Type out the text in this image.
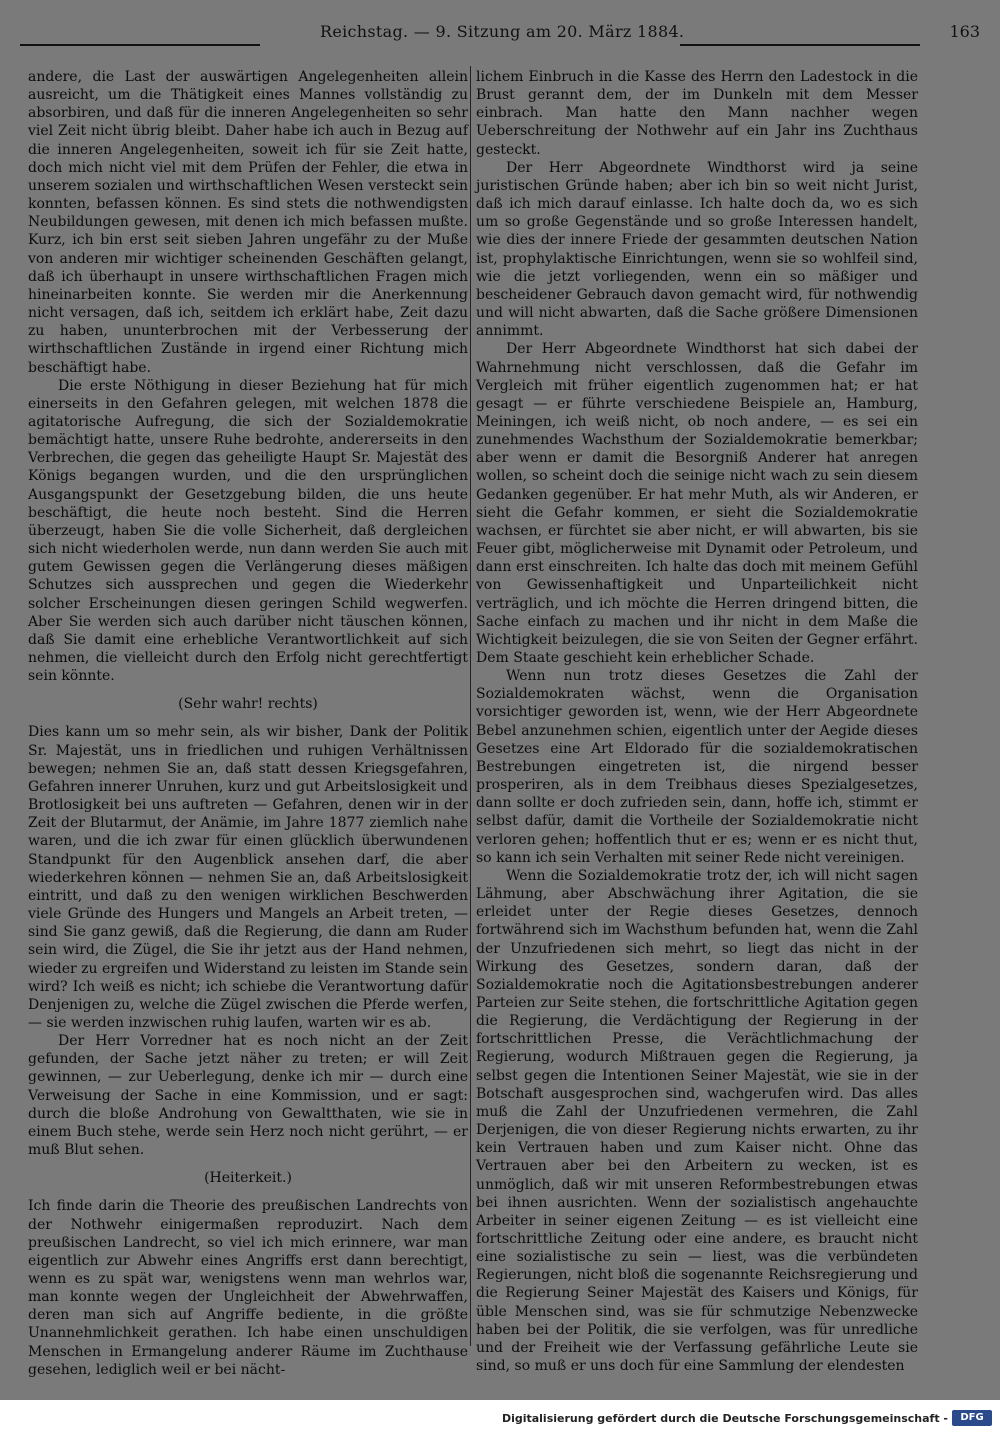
Reichstag. — 9. Sitzung am 20. März 1884.	163

andere, die Last der auswärtigen Angelegenheiten allein ausreicht, um die Thätigkeit eines Mannes vollständig zu absorbiren, und daß für die inneren Angelegenheiten so sehr viel Zeit nicht übrig bleibt. Daher habe ich auch in Bezug auf die inneren Angelegenheiten, soweit ich für sie Zeit hatte, doch mich nicht viel mit dem Prüfen der Fehler, die etwa in unserem sozialen und wirthschaftlichen Wesen versteckt sein konnten, befassen können. Es sind stets die nothwendigsten Neubildungen gewesen, mit denen ich mich befassen mußte. Kurz, ich bin erst seit sieben Jahren ungefähr zu der Muße von anderen mir wichtiger scheinenden Geschäften gelangt, daß ich überhaupt in unsere wirthschaftlichen Fragen mich hineinarbeiten konnte. Sie werden mir die Anerkennung nicht versagen, daß ich, seitdem ich erklärt habe, Zeit dazu zu haben, ununterbrochen mit der Verbesserung der wirthschaftlichen Zustände in irgend einer Richtung mich beschäftigt habe.

Die erste Nöthigung in dieser Beziehung hat für mich einerseits in den Gefahren gelegen, mit welchen 1878 die agitatorische Aufregung, die sich der Sozialdemokratie bemächtigt hatte, unsere Ruhe bedrohte, andererseits in den Verbrechen, die gegen das geheiligte Haupt Sr. Majestät des Königs begangen wurden, und die den ursprünglichen Ausgangspunkt der Gesetzgebung bilden, die uns heute beschäftigt, die heute noch besteht. Sind die Herren überzeugt, haben Sie die volle Sicherheit, daß dergleichen sich nicht wiederholen werde, nun dann werden Sie auch mit gutem Gewissen gegen die Verlängerung dieses mäßigen Schutzes sich aussprechen und gegen die Wiederkehr solcher Erscheinungen diesen geringen Schild wegwerfen. Aber Sie werden sich auch darüber nicht täuschen können, daß Sie damit eine erhebliche Verantwortlichkeit auf sich nehmen, die vielleicht durch den Erfolg nicht gerechtfertigt sein könnte.

(Sehr wahr! rechts)

Dies kann um so mehr sein, als wir bisher, Dank der Politik Sr. Majestät, uns in friedlichen und ruhigen Verhältnissen bewegen; nehmen Sie an, daß statt dessen Kriegsgefahren, Gefahren innerer Unruhen, kurz und gut Arbeitslosigkeit und Brotlosigkeit bei uns auftreten — Gefahren, denen wir in der Zeit der Blutarmut, der Anämie, im Jahre 1877 ziemlich nahe waren, und die ich zwar für einen glücklich überwundenen Standpunkt für den Augenblick ansehen darf, die aber wiederkehren können — nehmen Sie an, daß Arbeitslosigkeit eintritt, und daß zu den wenigen wirklichen Beschwerden viele Gründe des Hungers und Mangels an Arbeit treten, — sind Sie ganz gewiß, daß die Regierung, die dann am Ruder sein wird, die Zügel, die Sie ihr jetzt aus der Hand nehmen, wieder zu ergreifen und Widerstand zu leisten im Stande sein wird? Ich weiß es nicht; ich schiebe die Verantwortung dafür Denjenigen zu, welche die Zügel zwischen die Pferde werfen, — sie werden inzwischen ruhig laufen, warten wir es ab.

Der Herr Vorredner hat es noch nicht an der Zeit gefunden, der Sache jetzt näher zu treten; er will Zeit gewinnen, — zur Ueberlegung, denke ich mir — durch eine Verweisung der Sache in eine Kommission, und er sagt: durch die bloße Androhung von Gewaltthaten, wie sie in einem Buch stehe, werde sein Herz noch nicht gerührt, — er muß Blut sehen.

(Heiterkeit.)

Ich finde darin die Theorie des preußischen Landrechts von der Nothwehr einigermaßen reproduzirt. Nach dem preußischen Landrecht, so viel ich mich erinnere, war man eigentlich zur Abwehr eines Angriffs erst dann berechtigt, wenn es zu spät war, wenigstens wenn man wehrlos war, man konnte wegen der Ungleichheit der Abwehrwaffen, deren man sich auf Angriffe bediente, in die größte Unannehmlichkeit gerathen. Ich habe einen unschuldigen Menschen in Ermangelung anderer Räume im Zuchthause gesehen, lediglich weil er bei nächt-

lichem Einbruch in die Kasse des Herrn den Ladestock in die Brust gerannt dem, der im Dunkeln mit dem Messer einbrach. Man hatte den Mann nachher wegen Ueberschreitung der Nothwehr auf ein Jahr ins Zuchthaus gesteckt.

Der Herr Abgeordnete Windthorst wird ja seine juristischen Gründe haben; aber ich bin so weit nicht Jurist, daß ich mich darauf einlasse. Ich halte doch da, wo es sich um so große Gegenstände und so große Interessen handelt, wie dies der innere Friede der gesammten deutschen Nation ist, prophylaktische Einrichtungen, wenn sie so wohlfeil sind, wie die jetzt vorliegenden, wenn ein so mäßiger und bescheidener Gebrauch davon gemacht wird, für nothwendig und will nicht abwarten, daß die Sache größere Dimensionen annimmt.

Der Herr Abgeordnete Windthorst hat sich dabei der Wahrnehmung nicht verschlossen, daß die Gefahr im Vergleich mit früher eigentlich zugenommen hat; er hat gesagt — er führte verschiedene Beispiele an, Hamburg, Meiningen, ich weiß nicht, ob noch andere, — es sei ein zunehmendes Wachsthum der Sozialdemokratie bemerkbar; aber wenn er damit die Besorgniß Anderer hat anregen wollen, so scheint doch die seinige nicht wach zu sein diesem Gedanken gegenüber. Er hat mehr Muth, als wir Anderen, er sieht die Gefahr kommen, er sieht die Sozialdemokratie wachsen, er fürchtet sie aber nicht, er will abwarten, bis sie Feuer gibt, möglicherweise mit Dynamit oder Petroleum, und dann erst einschreiten. Ich halte das doch mit meinem Gefühl von Gewissenhaftigkeit und Unparteilichkeit nicht verträglich, und ich möchte die Herren dringend bitten, die Sache einfach zu machen und ihr nicht in dem Maße die Wichtigkeit beizulegen, die sie von Seiten der Gegner erfährt. Dem Staate geschieht kein erheblicher Schade.

Wenn nun trotz dieses Gesetzes die Zahl der Sozialdemokraten wächst, wenn die Organisation vorsichtiger geworden ist, wenn, wie der Herr Abgeordnete Bebel anzunehmen schien, eigentlich unter der Aegide dieses Gesetzes eine Art Eldorado für die sozialdemokratischen Bestrebungen eingetreten ist, die nirgend besser prosperiren, als in dem Treibhaus dieses Spezialgesetzes, dann sollte er doch zufrieden sein, dann, hoffe ich, stimmt er selbst dafür, damit die Vortheile der Sozialdemokratie nicht verloren gehen; hoffentlich thut er es; wenn er es nicht thut, so kann ich sein Verhalten mit seiner Rede nicht vereinigen.

Wenn die Sozialdemokratie trotz der, ich will nicht sagen Lähmung, aber Abschwächung ihrer Agitation, die sie erleidet unter der Regie dieses Gesetzes, dennoch fortwährend sich im Wachsthum befunden hat, wenn die Zahl der Unzufriedenen sich mehrt, so liegt das nicht in der Wirkung des Gesetzes, sondern daran, daß der Sozialdemokratie noch die Agitationsbestrebungen anderer Parteien zur Seite stehen, die fortschrittliche Agitation gegen die Regierung, die Verdächtigung der Regierung in der fortschrittlichen Presse, die Verächtlichmachung der Regierung, wodurch Mißtrauen gegen die Regierung, ja selbst gegen die Intentionen Seiner Majestät, wie sie in der Botschaft ausgesprochen sind, wachgerufen wird. Das alles muß die Zahl der Unzufriedenen vermehren, die Zahl Derjenigen, die von dieser Regierung nichts erwarten, zu ihr kein Vertrauen haben und zum Kaiser nicht. Ohne das Vertrauen aber bei den Arbeitern zu wecken, ist es unmöglich, daß wir mit unseren Reformbestrebungen etwas bei ihnen ausrichten. Wenn der sozialistisch angehauchte Arbeiter in seiner eigenen Zeitung — es ist vielleicht eine fortschrittliche Zeitung oder eine andere, es braucht nicht eine sozialistische zu sein — liest, was die verbündeten Regierungen, nicht bloß die sogenannte Reichsregierung und die Regierung Seiner Majestät des Kaisers und Königs, für üble Menschen sind, was sie für schmutzige Nebenzwecke haben bei der Politik, die sie verfolgen, was für unredliche und der Freiheit wie der Verfassung gefährliche Leute sie sind, so muß er uns doch für eine Sammlung der elendesten

Digitalisierung gefördert durch die Deutsche Forschungsgemeinschaft -	DFG
